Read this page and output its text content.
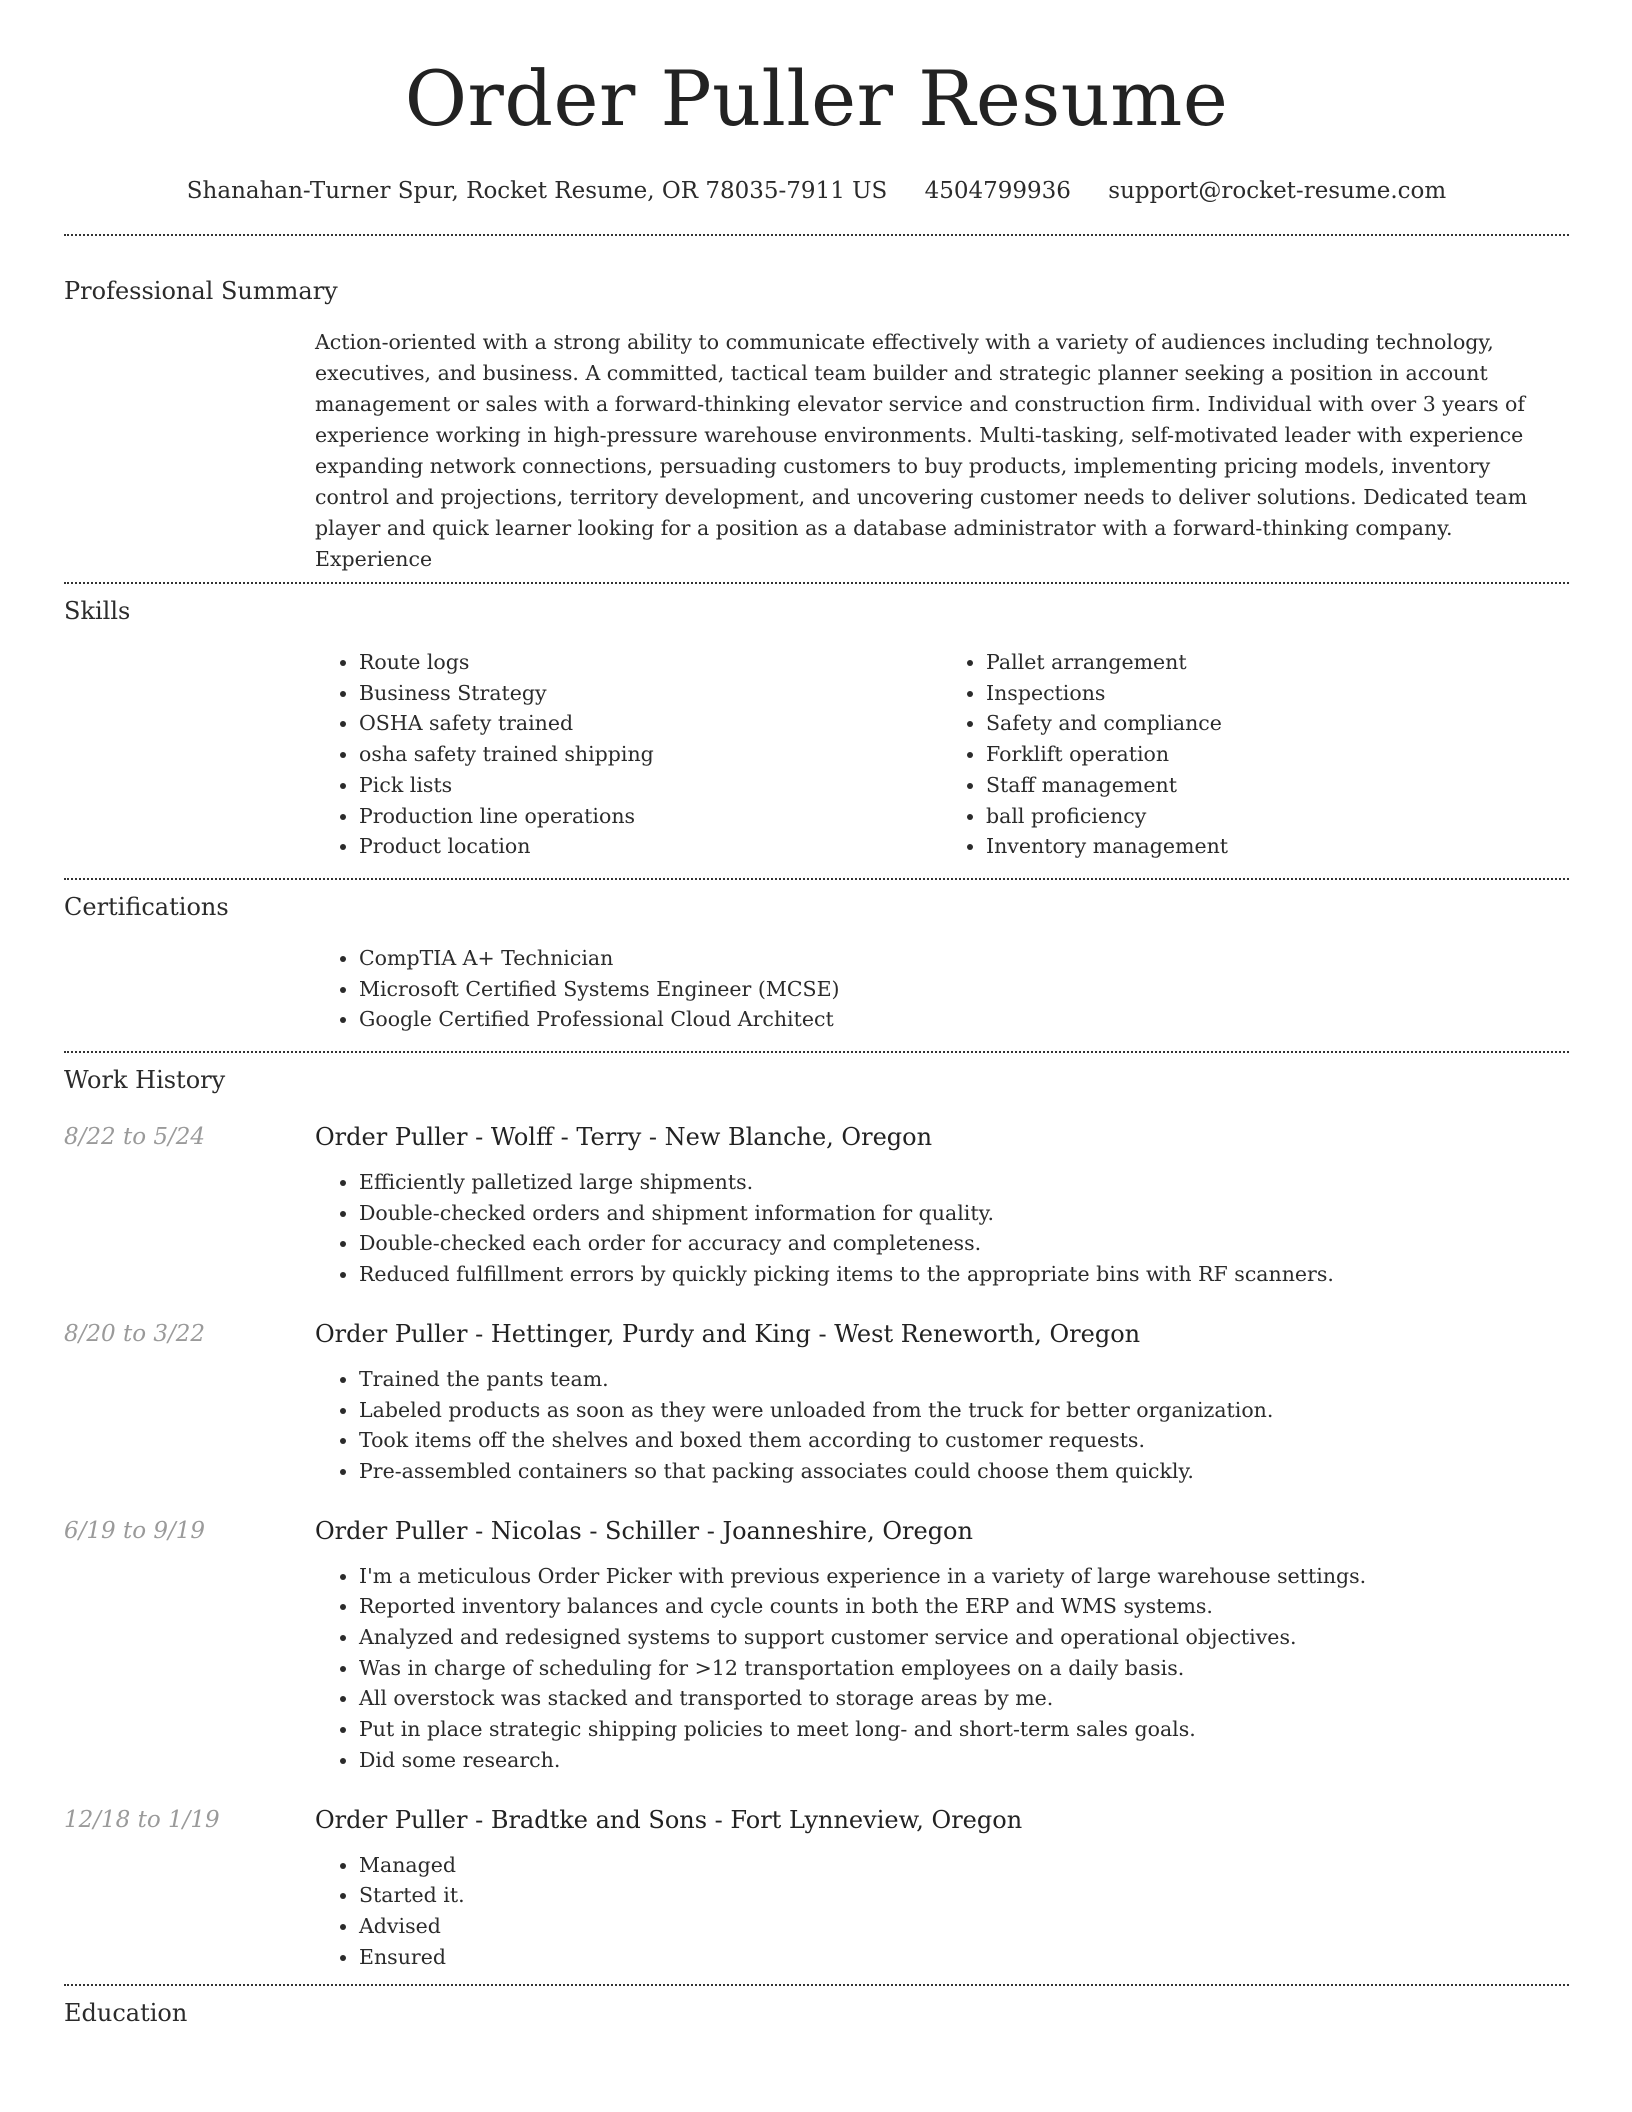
Order Puller Resume
Shanahan-Turner Spur, Rocket Resume, OR 78035-7911 US 4504799936 support@rocket-resume.com
Professional Summary

Action-oriented with a strong ability to communicate effectively with a variety of audiences including technology, executives, and business. A committed, tactical team builder and strategic planner seeking a position in account management or sales with a forward-thinking elevator service and construction firm. Individual with over 3 years of experience working in high-pressure warehouse environments. Multi-tasking, self-motivated leader with experience expanding network connections, persuading customers to buy products, implementing pricing models, inventory control and projections, territory development, and uncovering customer needs to deliver solutions. Dedicated team player and quick learner looking for a position as a database administrator with a forward-thinking company. Experience

Skills
• Route logs
• Business Strategy
• OSHA safety trained
• osha safety trained shipping
• Pick lists
• Production line operations
• Product location
• Pallet arrangement
• Inspections
• Safety and compliance
• Forklift operation
• Staff management
• ball proficiency
• Inventory management
Certifications
• CompTIA A+ Technician
• Microsoft Certified Systems Engineer (MCSE)
• Google Certified Professional Cloud Architect
Work History
8/22 to 5/24	Order Puller - Wolff - Terry - New Blanche, Oregon
• Efficiently palletized large shipments.
• Double-checked orders and shipment information for quality.
• Double-checked each order for accuracy and completeness.
• Reduced fulfillment errors by quickly picking items to the appropriate bins with RF scanners.
8/20 to 3/22	Order Puller - Hettinger, Purdy and King - West Reneworth, Oregon
• Trained the pants team.
• Labeled products as soon as they were unloaded from the truck for better organization.
• Took items off the shelves and boxed them according to customer requests.
• Pre-assembled containers so that packing associates could choose them quickly.
6/19 to 9/19	Order Puller - Nicolas - Schiller - Joanneshire, Oregon
• I'm a meticulous Order Picker with previous experience in a variety of large warehouse settings.
• Reported inventory balances and cycle counts in both the ERP and WMS systems.
• Analyzed and redesigned systems to support customer service and operational objectives.
• Was in charge of scheduling for >12 transportation employees on a daily basis.
• All overstock was stacked and transported to storage areas by me.
• Put in place strategic shipping policies to meet long- and short-term sales goals.
• Did some research.
12/18 to 1/19	Order Puller - Bradtke and Sons - Fort Lynneview, Oregon
• Managed
• Started it.
• Advised
• Ensured
Education
